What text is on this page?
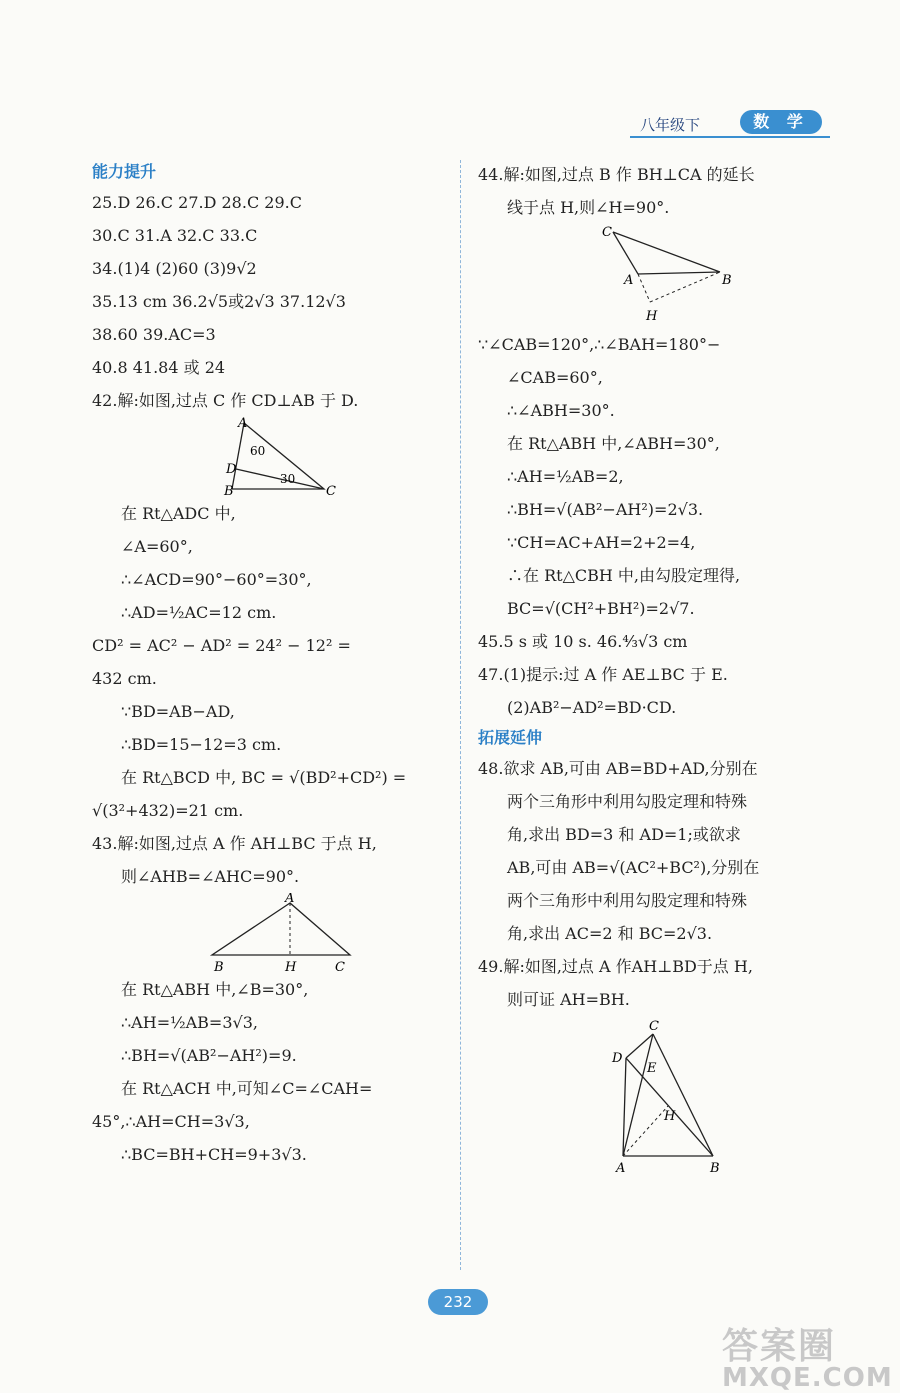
八年级下	数 学
能力提升
25.D 26.C 27.D 28.C 29.C
30.C 31.A 32.C 33.C
34.(1)4 (2)60 (3)9√2
35.13 cm 36.2√5或2√3 37.12√3
38.60 39.AC=3
40.8 41.84 或 24
42.解:如图,过点 C 作 CD⊥AB 于 D.
A
D
B	C
60
30
在 Rt△ADC 中,
∠A=60°,
∴∠ACD=90°−60°=30°,
∴AD=½AC=12 cm.
CD² = AC² − AD² = 24² − 12² =
432 cm.
∵BD=AB−AD,
∴BD=15−12=3 cm.
在 Rt△BCD 中, BC = √(BD²+CD²) =
√(3²+432)=21 cm.
43.解:如图,过点 A 作 AH⊥BC 于点 H,
则∠AHB=∠AHC=90°.
A
B	H	C
在 Rt△ABH 中,∠B=30°,
∴AH=½AB=3√3,
∴BH=√(AB²−AH²)=9.
在 Rt△ACH 中,可知∠C=∠CAH=
45°,∴AH=CH=3√3,
∴BC=BH+CH=9+3√3.
44.解:如图,过点 B 作 BH⊥CA 的延长
线于点 H,则∠H=90°.
C
A	B
H
∵∠CAB=120°,∴∠BAH=180°−
∠CAB=60°,
∴∠ABH=30°.
在 Rt△ABH 中,∠ABH=30°,
∴AH=½AB=2,
∴BH=√(AB²−AH²)=2√3.
∵CH=AC+AH=2+2=4,
∴在 Rt△CBH 中,由勾股定理得,
BC=√(CH²+BH²)=2√7.
45.5 s 或 10 s. 46.⁴⁄₃√3 cm
47.(1)提示:过 A 作 AE⊥BC 于 E.
(2)AB²−AD²=BD·CD.
拓展延伸
48.欲求 AB,可由 AB=BD+AD,分别在
两个三角形中利用勾股定理和特殊
角,求出 BD=3 和 AD=1;或欲求
AB,可由 AB=√(AC²+BC²),分别在
两个三角形中利用勾股定理和特殊
角,求出 AC=2 和 BC=2√3.
49.解:如图,过点 A 作AH⊥BD于点 H,
则可证 AH=BH.
C
D
E
H
A	B
232
答案圈
MXQE.COM
